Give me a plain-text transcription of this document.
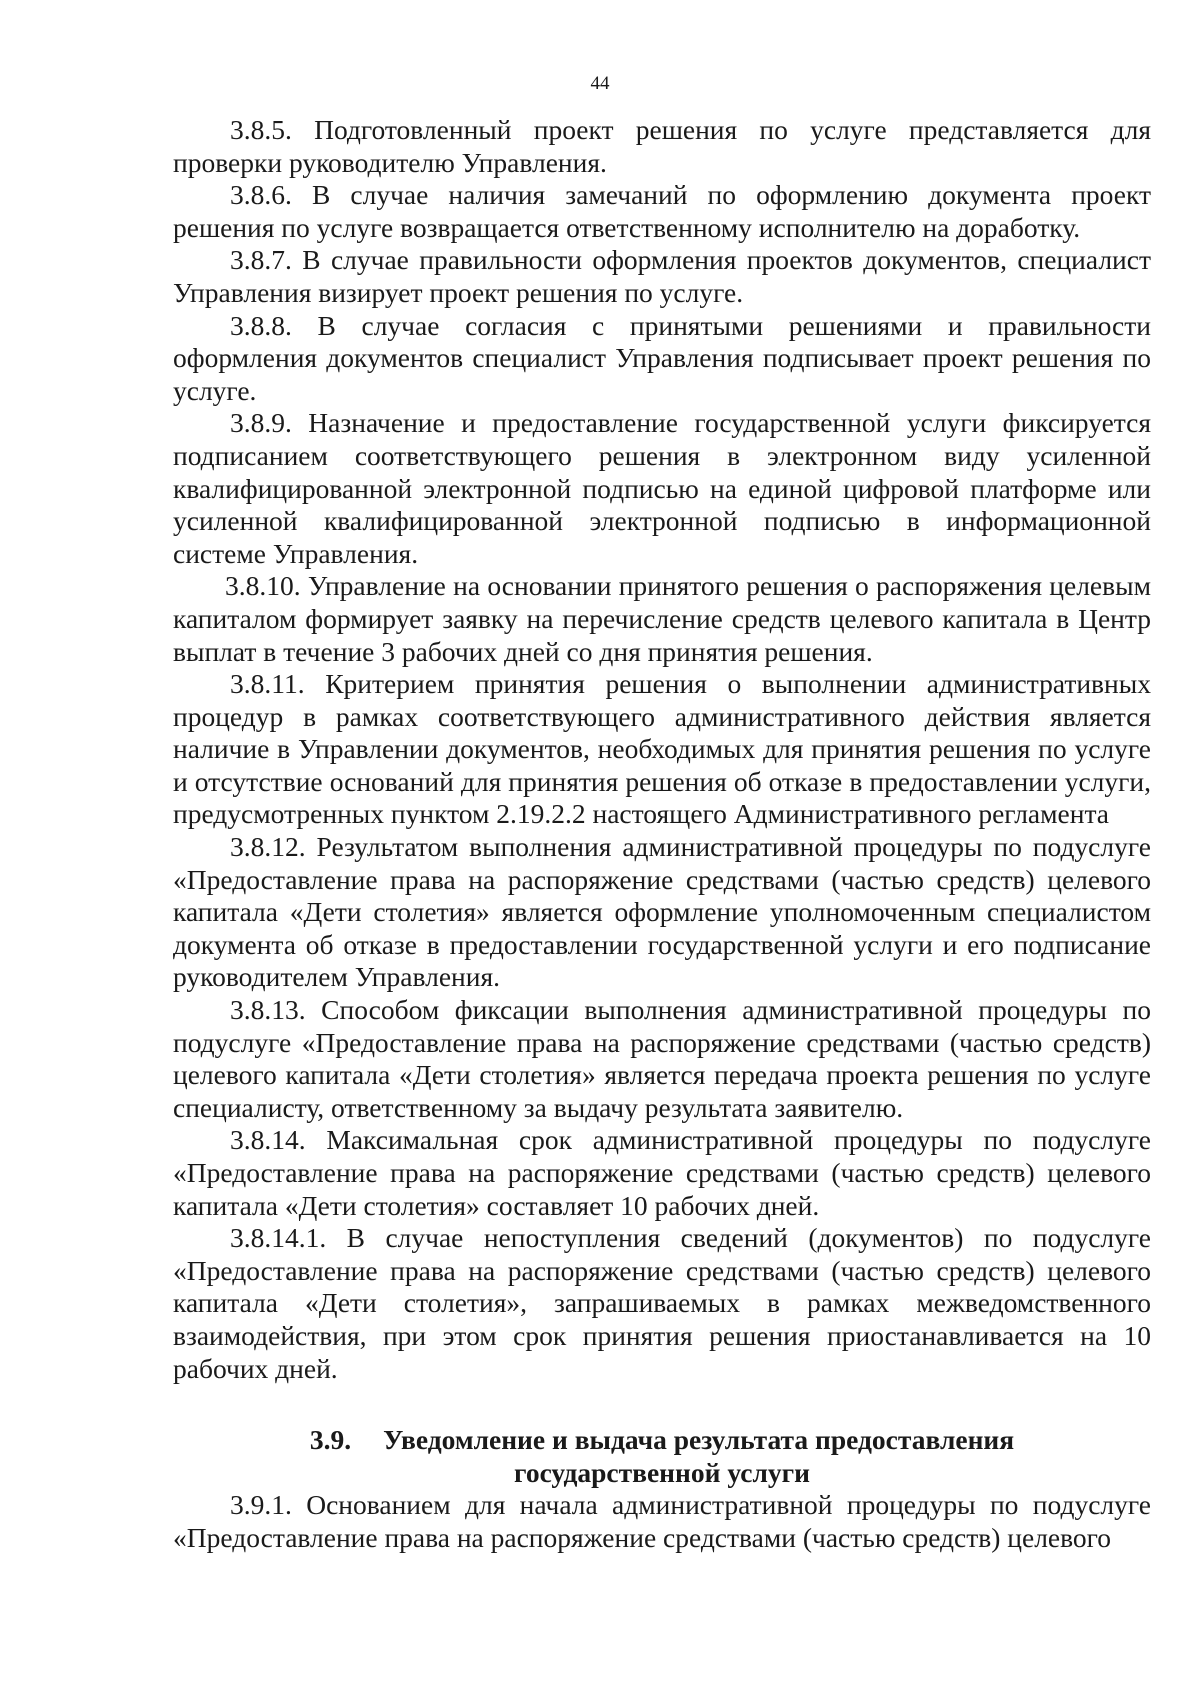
44

3.8.5. Подготовленный проект решения по услуге представляется для проверки руководителю Управления.

3.8.6. В случае наличия замечаний по оформлению документа проект решения по услуге возвращается ответственному исполнителю на доработку.

3.8.7. В случае правильности оформления проектов документов, специалист Управления визирует проект решения по услуге.

3.8.8. В случае согласия с принятыми решениями и правильности оформления документов специалист Управления подписывает проект решения по услуге.

3.8.9. Назначение и предоставление государственной услуги фиксируется подписанием соответствующего решения в электронном виду усиленной квалифицированной электронной подписью на единой цифровой платформе или усиленной квалифицированной электронной подписью в информационной системе Управления.

3.8.10. Управление на основании принятого решения о распоряжения целевым капиталом формирует заявку на перечисление средств целевого капитала в Центр выплат в течение 3 рабочих дней со дня принятия решения.

3.8.11. Критерием принятия решения о выполнении административных процедур в рамках соответствующего административного действия является наличие в Управлении документов, необходимых для принятия решения по услуге и отсутствие оснований для принятия решения об отказе в предоставлении услуги, предусмотренных пунктом 2.19.2.2 настоящего Административного регламента

3.8.12. Результатом выполнения административной процедуры по подуслуге «Предоставление права на распоряжение средствами (частью средств) целевого капитала «Дети столетия» является оформление уполномоченным специалистом документа об отказе в предоставлении государственной услуги и его подписание руководителем Управления.

3.8.13. Способом фиксации выполнения административной процедуры по подуслуге «Предоставление права на распоряжение средствами (частью средств) целевого капитала «Дети столетия» является передача проекта решения по услуге специалисту, ответственному за выдачу результата заявителю.

3.8.14. Максимальная срок административной процедуры по подуслуге «Предоставление права на распоряжение средствами (частью средств) целевого капитала «Дети столетия» составляет 10 рабочих дней.

3.8.14.1. В случае непоступления сведений (документов) по подуслуге «Предоставление права на распоряжение средствами (частью средств) целевого капитала «Дети столетия», запрашиваемых в рамках межведомственного взаимодействия, при этом срок принятия решения приостанавливается на 10 рабочих дней.

3.9. Уведомление и выдача результата предоставления
государственной услуги

3.9.1. Основанием для начала административной процедуры по подуслуге «Предоставление права на распоряжение средствами (частью средств) целевого
